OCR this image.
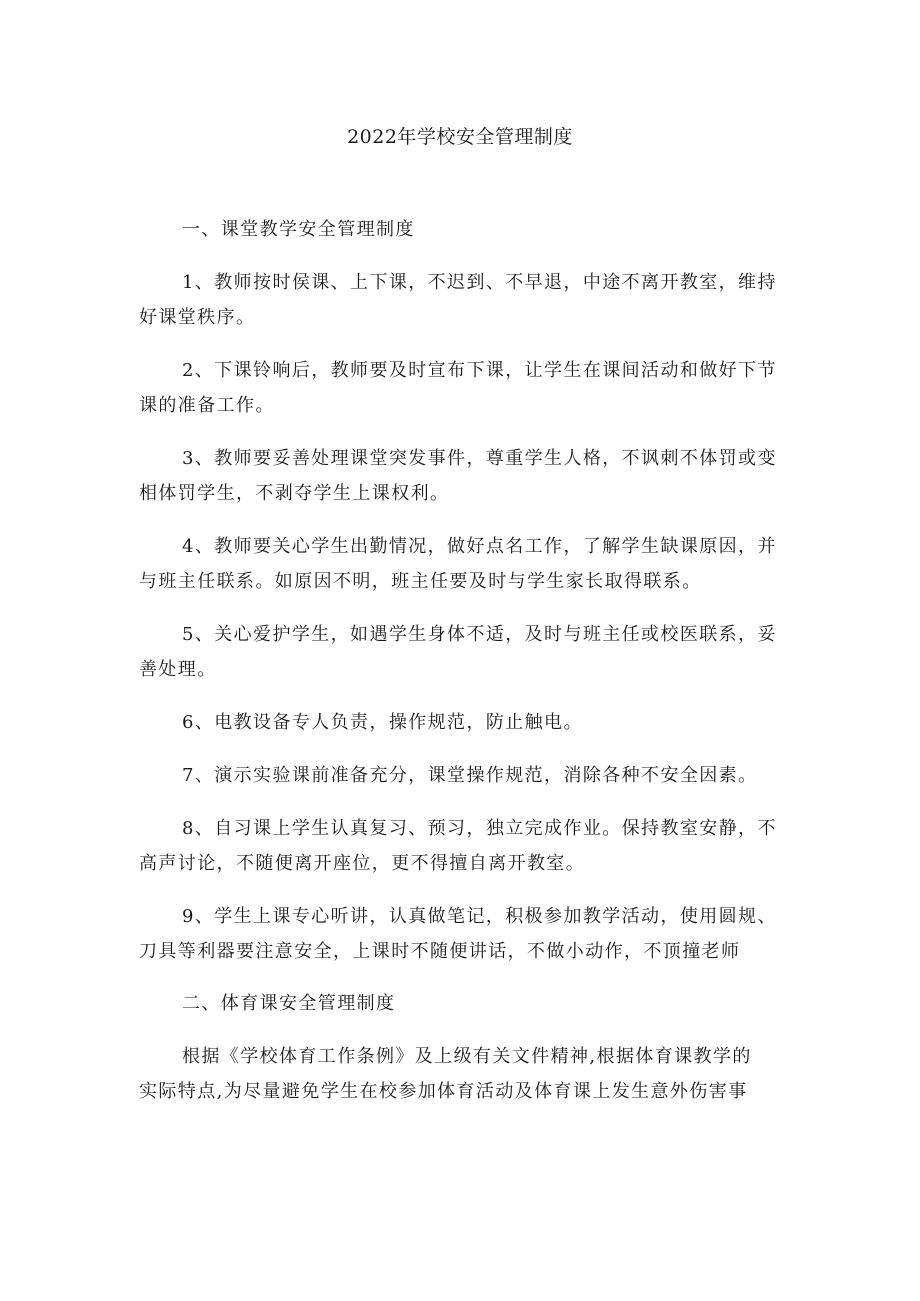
2022年学校安全管理制度
一、课堂教学安全管理制度
1、教师按时侯课、上下课，不迟到、不早退，中途不离开教室，维持
好课堂秩序。
2、下课铃响后，教师要及时宣布下课，让学生在课间活动和做好下节
课的准备工作。
3、教师要妥善处理课堂突发事件，尊重学生人格，不讽刺不体罚或变
相体罚学生，不剥夺学生上课权利。
4、教师要关心学生出勤情况，做好点名工作，了解学生缺课原因，并
与班主任联系。如原因不明，班主任要及时与学生家长取得联系。
5、关心爱护学生，如遇学生身体不适，及时与班主任或校医联系，妥
善处理。
6、电教设备专人负责，操作规范，防止触电。
7、演示实验课前准备充分，课堂操作规范，消除各种不安全因素。
8、自习课上学生认真复习、预习，独立完成作业。保持教室安静，不
高声讨论，不随便离开座位，更不得擅自离开教室。
9、学生上课专心听讲，认真做笔记，积极参加教学活动，使用圆规、
刀具等利器要注意安全，上课时不随便讲话，不做小动作，不顶撞老师
二、体育课安全管理制度
根据《学校体育工作条例》及上级有关文件精神,根据体育课教学的
实际特点,为尽量避免学生在校参加体育活动及体育课上发生意外伤害事
